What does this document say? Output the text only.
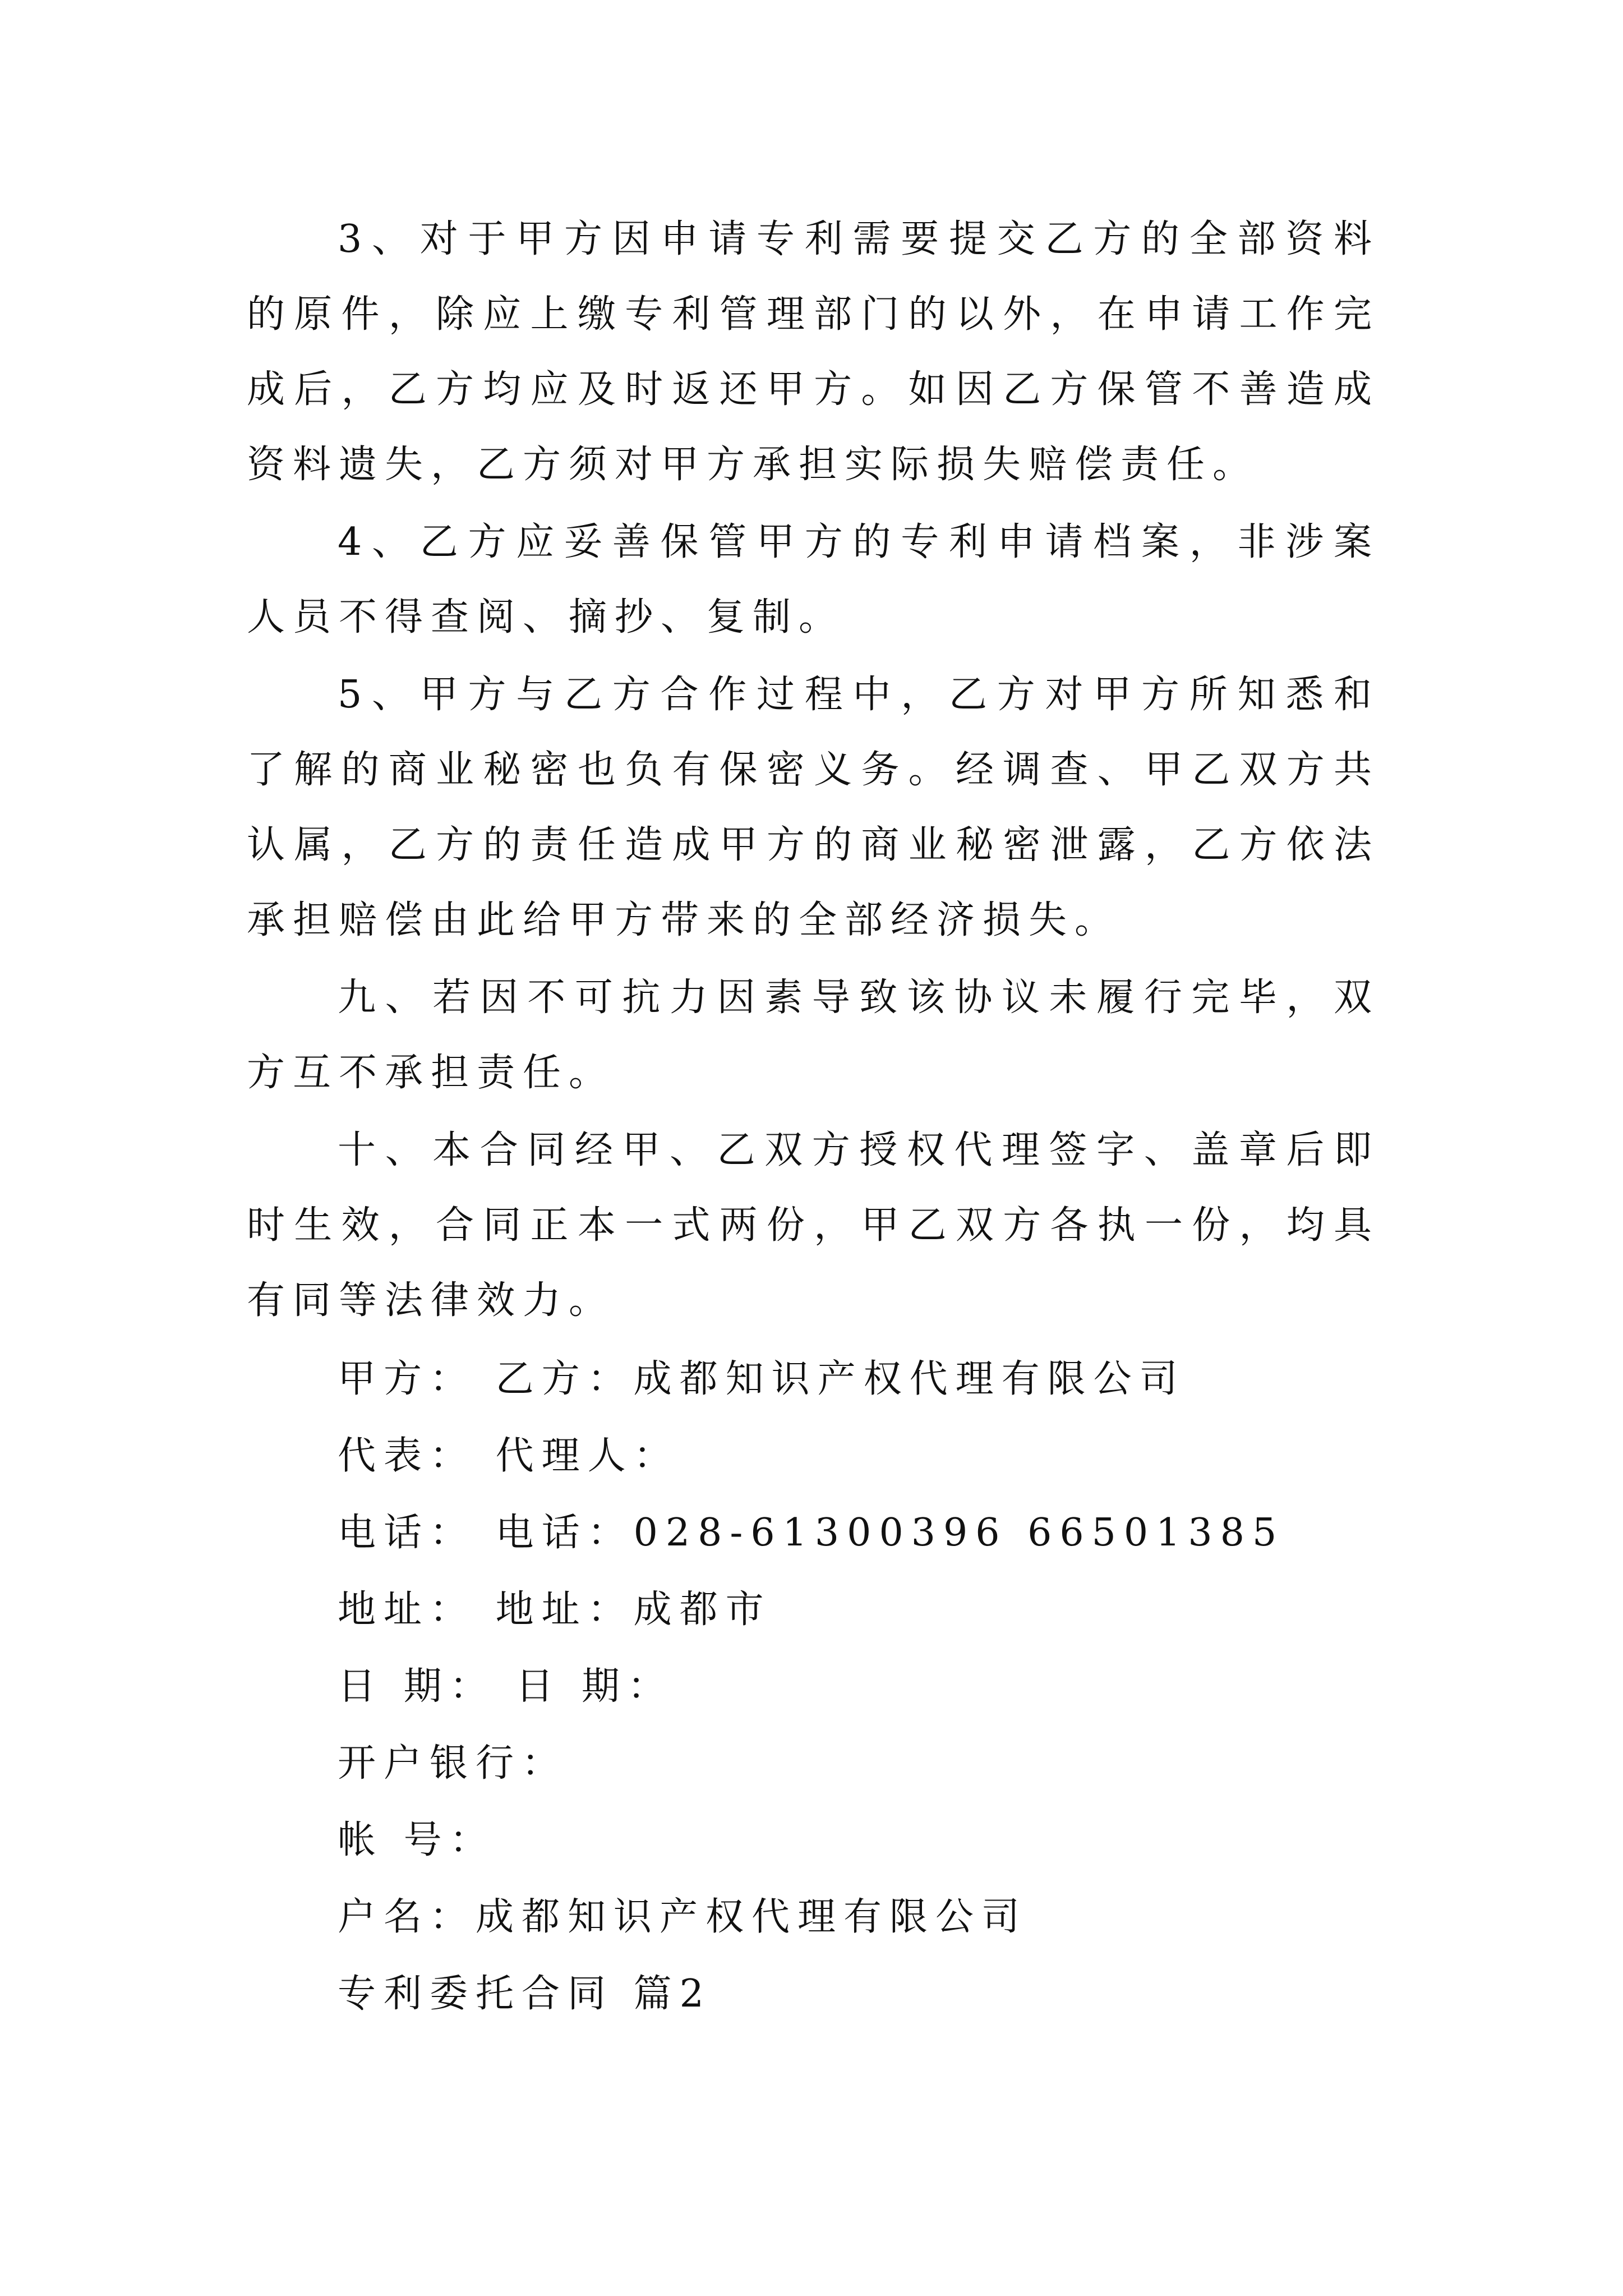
3、对于甲方因申请专利需要提交乙方的全部资料的原件，除应上缴专利管理部门的以外，在申请工作完成后，乙方均应及时返还甲方。如因乙方保管不善造成资料遗失，乙方须对甲方承担实际损失赔偿责任。

4、乙方应妥善保管甲方的专利申请档案，非涉案人员不得查阅、摘抄、复制。

5、甲方与乙方合作过程中，乙方对甲方所知悉和了解的商业秘密也负有保密义务。经调查、甲乙双方共认属，乙方的责任造成甲方的商业秘密泄露，乙方依法承担赔偿由此给甲方带来的全部经济损失。

九、若因不可抗力因素导致该协议未履行完毕，双方互不承担责任。

十、本合同经甲、乙双方授权代理签字、盖章后即时生效，合同正本一式两份，甲乙双方各执一份，均具有同等法律效力。

甲方： 乙方：成都知识产权代理有限公司

代表： 代理人：

电话： 电话：028-61300396 66501385

地址： 地址：成都市

日 期： 日 期：

开户银行：

帐 号：

户名：成都知识产权代理有限公司

专利委托合同 篇2
